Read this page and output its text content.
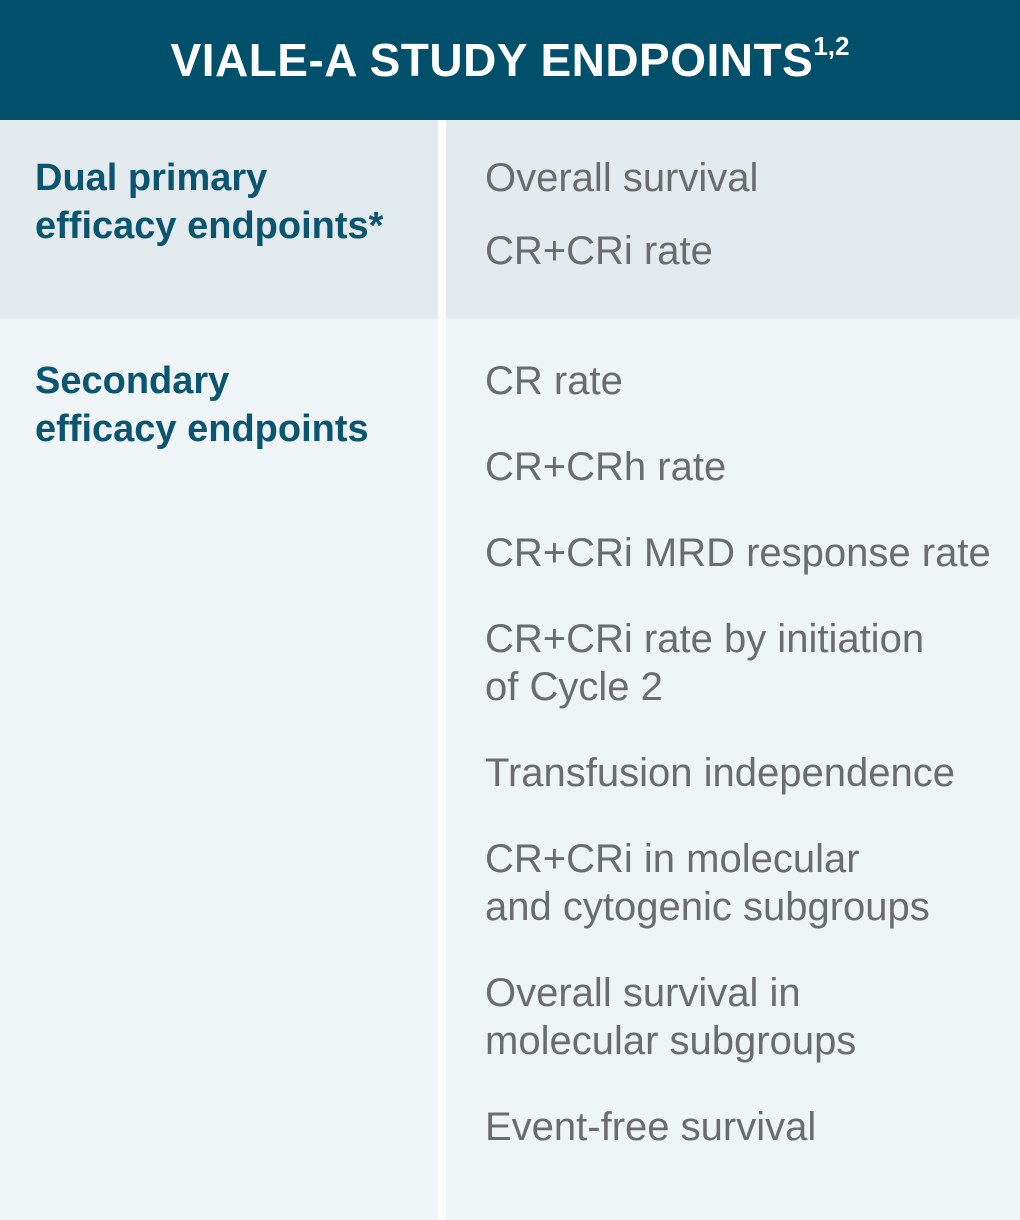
VIALE-A STUDY ENDPOINTS$^{1,2}$
Dual primary
efficacy endpoints*
Overall survival
CR+CRi rate
Secondary
efficacy endpoints
CR rate
CR+CRh rate
CR+CRi MRD response rate
CR+CRi rate by initiation
of Cycle 2
Transfusion independence
CR+CRi in molecular
and cytogenic subgroups
Overall survival in
molecular subgroups
Event-free survival
